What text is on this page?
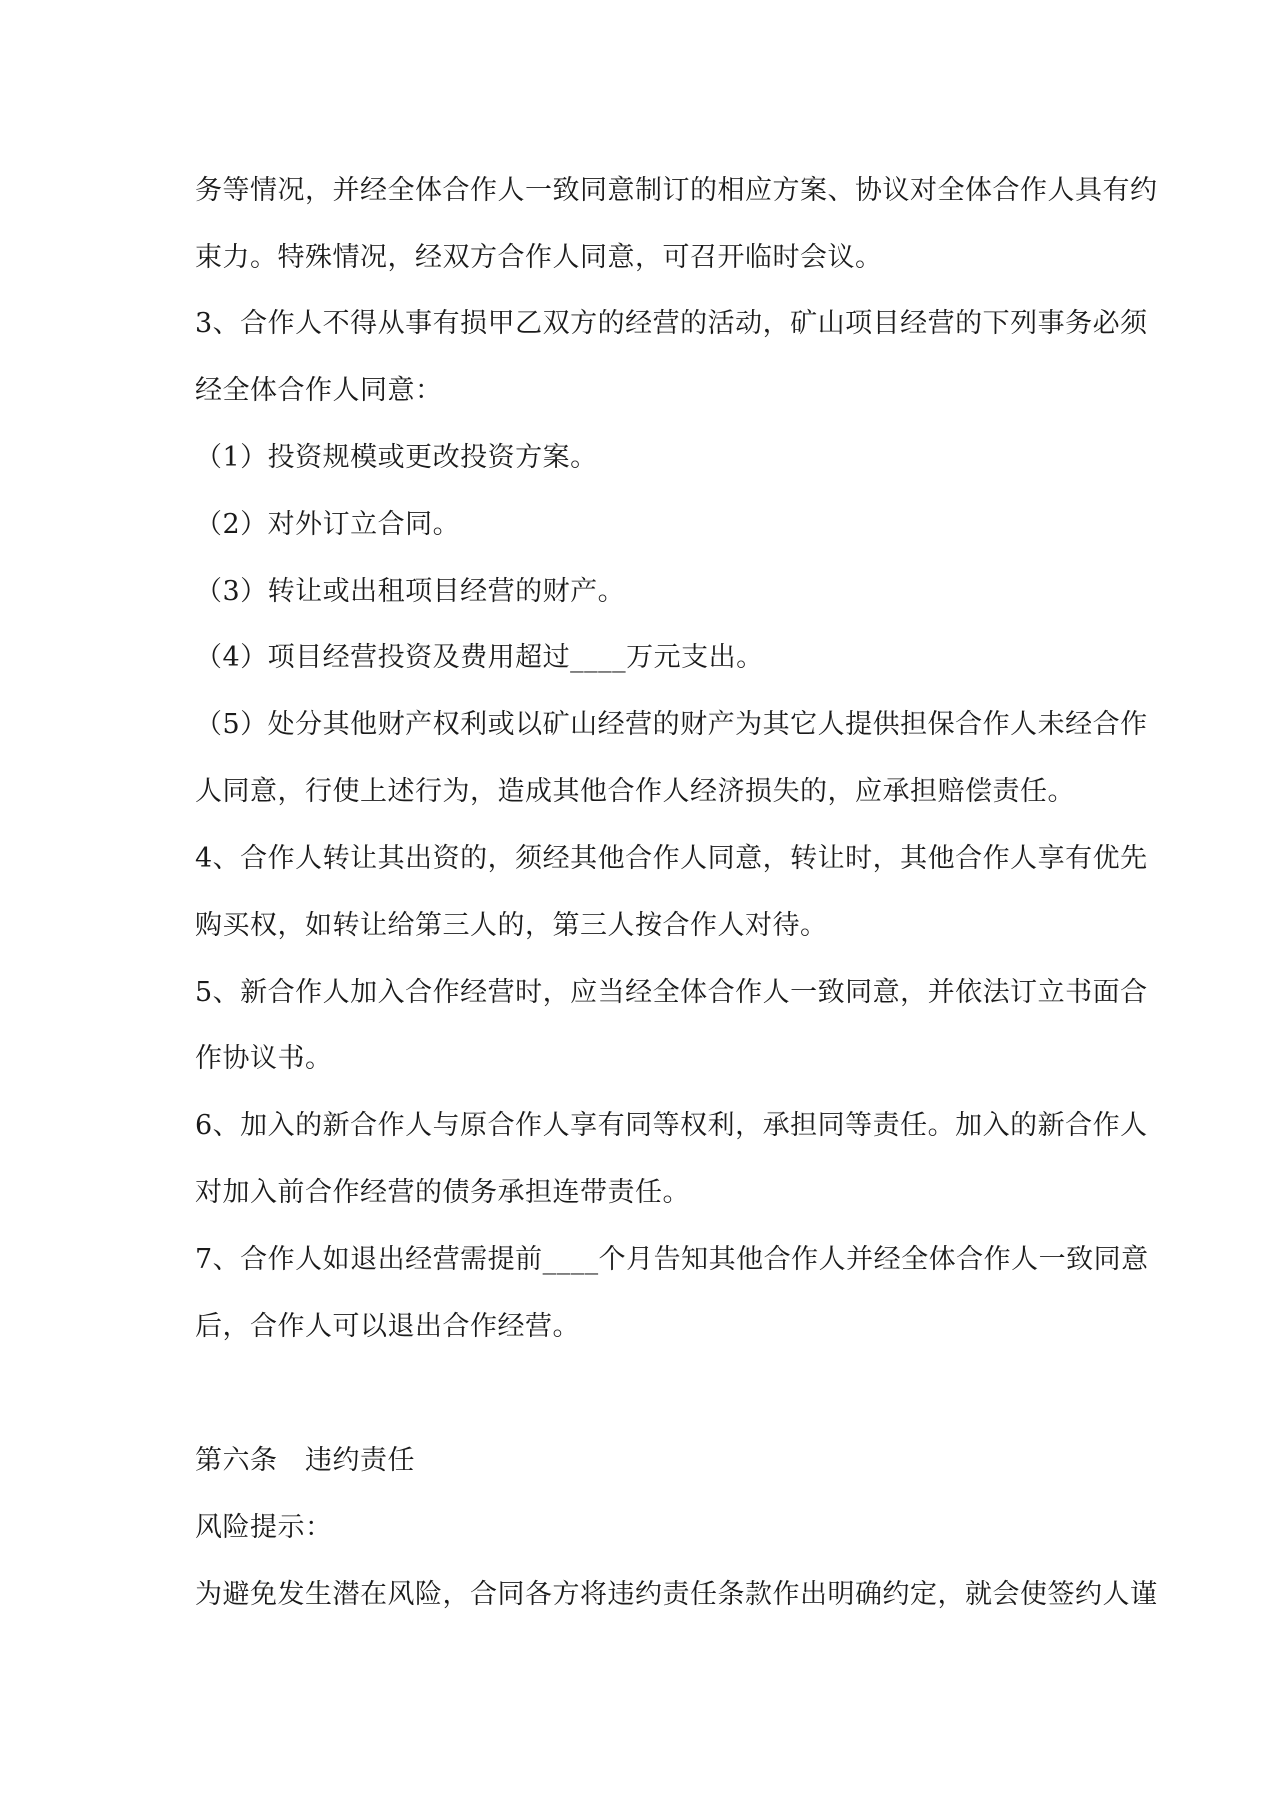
务等情况，并经全体合作人一致同意制订的相应方案、协议对全体合作人具有约
束力。特殊情况，经双方合作人同意，可召开临时会议。
3、合作人不得从事有损甲乙双方的经营的活动，矿山项目经营的下列事务必须
经全体合作人同意：
（1）投资规模或更改投资方案。
（2）对外订立合同。
（3）转让或出租项目经营的财产。
（4）项目经营投资及费用超过____万元支出。
（5）处分其他财产权利或以矿山经营的财产为其它人提供担保合作人未经合作
人同意，行使上述行为，造成其他合作人经济损失的，应承担赔偿责任。
4、合作人转让其出资的，须经其他合作人同意，转让时，其他合作人享有优先
购买权，如转让给第三人的，第三人按合作人对待。
5、新合作人加入合作经营时，应当经全体合作人一致同意，并依法订立书面合
作协议书。
6、加入的新合作人与原合作人享有同等权利，承担同等责任。加入的新合作人
对加入前合作经营的债务承担连带责任。
7、合作人如退出经营需提前____个月告知其他合作人并经全体合作人一致同意
后，合作人可以退出合作经营。
第六条　违约责任
风险提示：
为避免发生潜在风险，合同各方将违约责任条款作出明确约定，就会使签约人谨
